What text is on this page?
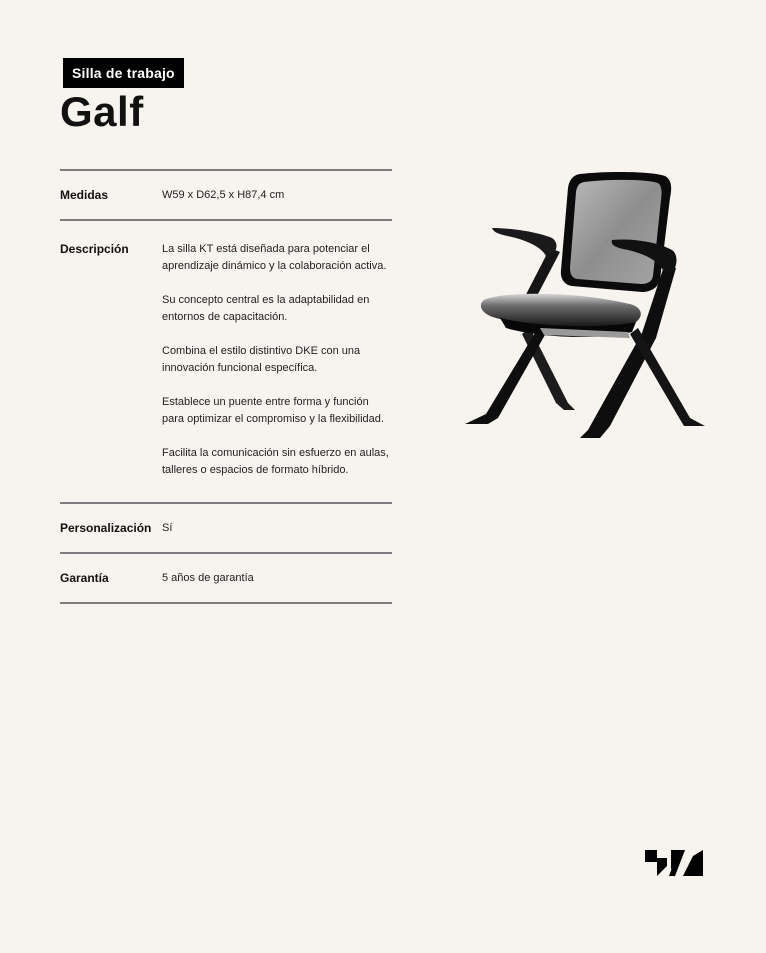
Silla de trabajo
Galf
Medidas	W59 x D62,5 x H87,4 cm
Descripción	La silla KT está diseñada para potenciar el aprendizaje dinámico y la colaboración activa.

Su concepto central es la adaptabilidad en entornos de capacitación.

Combina el estilo distintivo DKE con una innovación funcional específica.

Establece un puente entre forma y función para optimizar el compromiso y la flexibilidad.

Facilita la comunicación sin esfuerzo en aulas, talleres o espacios de formato híbrido.

Personalización Sí
Garantía	5 años de garantía
